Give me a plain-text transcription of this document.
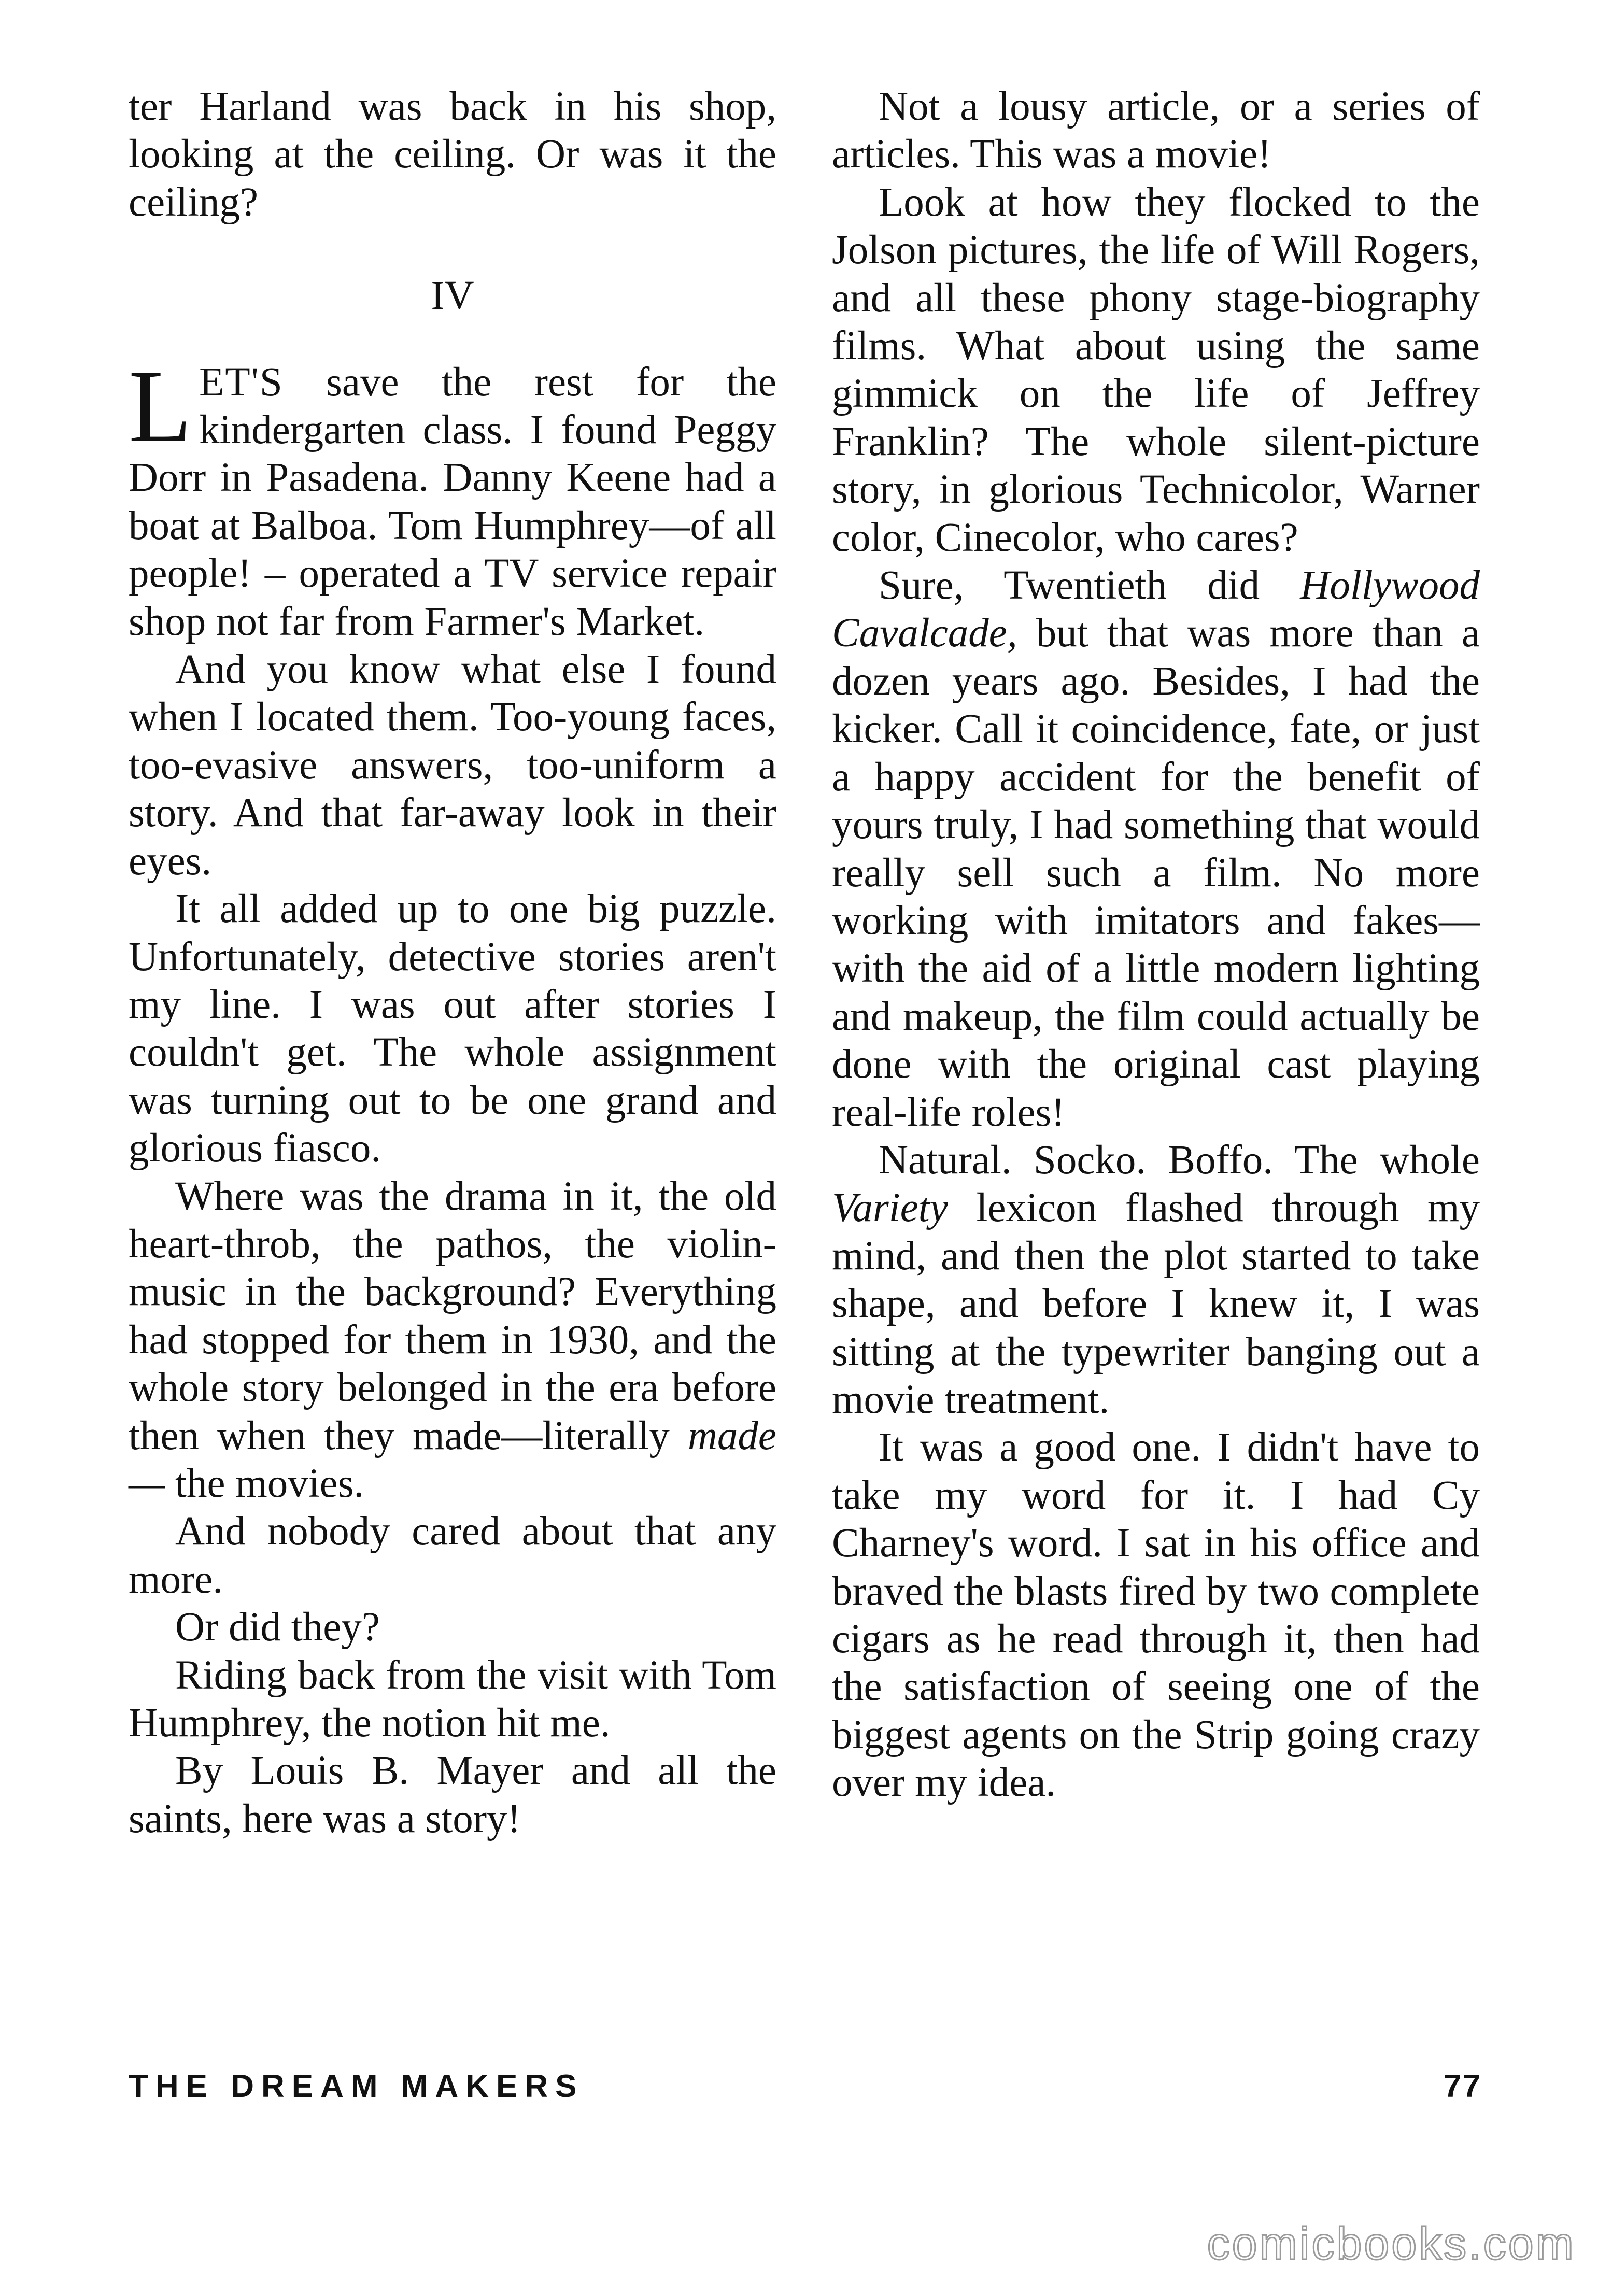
ter Harland was back in his shop, looking at the ceiling. Or was it the ceiling?

IV

LET'S save the rest for the kindergarten class. I found Peggy Dorr in Pasadena. Danny Keene had a boat at Balboa. Tom Humphrey—of all people! – operated a TV service repair shop not far from Farmer's Market.

And you know what else I found when I located them. Too-young faces, too-evasive answers, too-uniform a story. And that far-away look in their eyes.

It all added up to one big puzzle. Unfortunately, detective stories aren't my line. I was out after stories I couldn't get. The whole assignment was turning out to be one grand and glorious fiasco.

Where was the drama in it, the old heart-throb, the pathos, the violin-music in the background? Everything had stopped for them in 1930, and the whole story belonged in the era before then when they made—literally made— the movies.

And nobody cared about that any more.

Or did they?

Riding back from the visit with Tom Humphrey, the notion hit me.

By Louis B. Mayer and all the saints, here was a story!

Not a lousy article, or a series of articles. This was a movie!

Look at how they flocked to the Jolson pictures, the life of Will Rogers, and all these phony stage-biography films. What about using the same gimmick on the life of Jeffrey Franklin? The whole silent-picture story, in glorious Technicolor, Warner color, Cinecolor, who cares?

Sure, Twentieth did Hollywood Cavalcade, but that was more than a dozen years ago. Besides, I had the kicker. Call it coincidence, fate, or just a happy accident for the benefit of yours truly, I had something that would really sell such a film. No more working with imitators and fakes—with the aid of a little modern lighting and makeup, the film could actually be done with the original cast playing real-life roles!

Natural. Socko. Boffo. The whole Variety lexicon flashed through my mind, and then the plot started to take shape, and before I knew it, I was sitting at the typewriter banging out a movie treatment.

It was a good one. I didn't have to take my word for it. I had Cy Charney's word. I sat in his office and braved the blasts fired by two complete cigars as he read through it, then had the satisfaction of seeing one of the biggest agents on the Strip going crazy over my idea.

THE DREAM MAKERS	77
comicbooks.com
